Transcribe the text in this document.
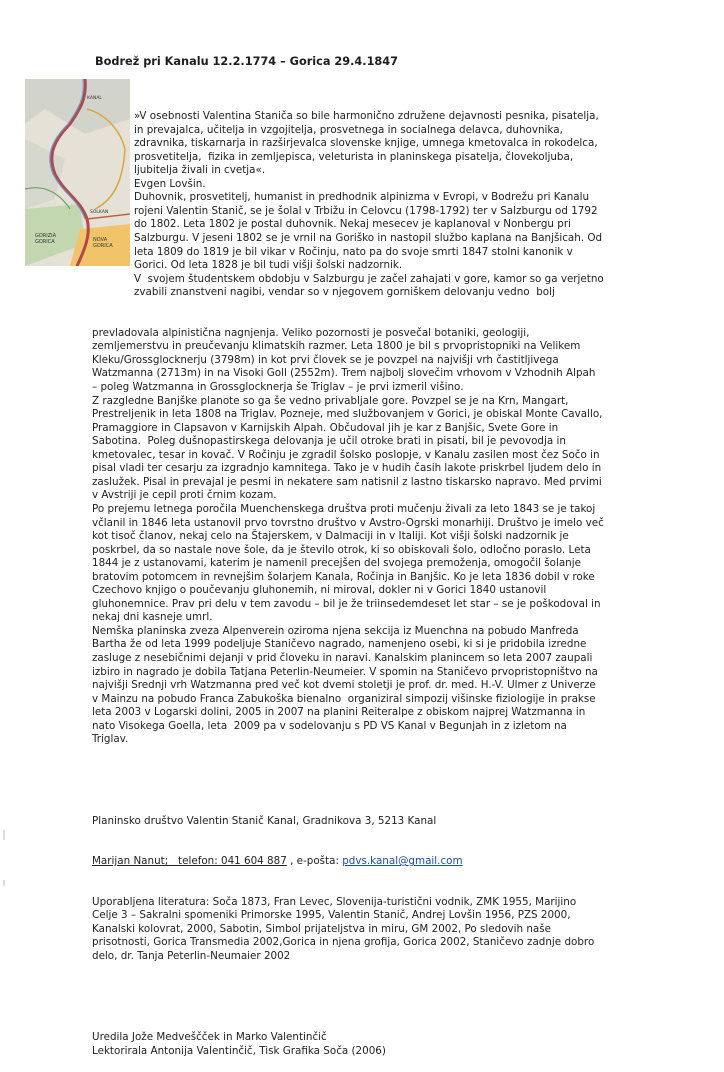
Bodrež pri Kanalu 12.2.1774 – Gorica 29.4.1847
GORIZIA
GORICA	NOVA
GORICA
SOLKAN
KANAL

»V osebnosti Valentina Staniča so bile harmonično združene dejavnosti pesnika, pisatelja,
in prevajalca, učitelja in vzgojitelja, prosvetnega in socialnega delavca, duhovnika,
zdravnika, tiskarnarja in razširjevalca slovenske knjige, umnega kmetovalca in rokodelca,
prosvetitelja,  fizika in zemljepisca, veleturista in planinskega pisatelja, človekoljuba,
ljubitelja živali in cvetja«.
Evgen Lovšin.
Duhovnik, prosvetitelj, humanist in predhodnik alpinizma v Evropi, v Bodrežu pri Kanalu
rojeni Valentin Stanič, se je šolal v Trbižu in Celovcu (1798-1792) ter v Salzburgu od 1792
do 1802. Leta 1802 je postal duhovnik. Nekaj mesecev je kaplanoval v Nonbergu pri
Salzburgu. V jeseni 1802 se je vrnil na Goriško in nastopil službo kaplana na Banjšicah. Od
leta 1809 do 1819 je bil vikar v Ročinju, nato pa do svoje smrti 1847 stolni kanonik v
Gorici. Od leta 1828 je bil tudi višji šolski nadzornik.
V  svojem študentskem obdobju v Salzburgu je začel zahajati v gore, kamor so ga verjetno
zvabili znanstveni nagibi, vendar so v njegovem gorniškem delovanju vedno  bolj

prevladovala alpinistična nagnjenja. Veliko pozornosti je posvečal botaniki, geologiji,
zemljemerstvu in preučevanju klimatskih razmer. Leta 1800 je bil s prvopristopniki na Velikem
Kleku/Grossglocknerju (3798m) in kot prvi človek se je povzpel na najvišji vrh častitljivega
Watzmanna (2713m) in na Visoki Goll (2552m). Trem najbolj slovečim vrhovom v Vzhodnih Alpah
– poleg Watzmanna in Grossglocknerja še Triglav – je prvi izmeril višino.
Z razgledne Banjške planote so ga še vedno privabljale gore. Povzpel se je na Krn, Mangart,
Prestreljenik in leta 1808 na Triglav. Pozneje, med službovanjem v Gorici, je obiskal Monte Cavallo,
Pramaggiore in Clapsavon v Karnijskih Alpah. Občudoval jih je kar z Banjšic, Svete Gore in
Sabotina.  Poleg dušnopastirskega delovanja je učil otroke brati in pisati, bil je pevovodja in
kmetovalec, tesar in kovač. V Ročinju je zgradil šolsko poslopje, v Kanalu zasilen most čez Sočo in
pisal vladi ter cesarju za izgradnjo kamnitega. Tako je v hudih časih lakote priskrbel ljudem delo in
zaslužek. Pisal in prevajal je pesmi in nekatere sam natisnil z lastno tiskarsko napravo. Med prvimi
v Avstriji je cepil proti črnim kozam.
Po prejemu letnega poročila Muenchenskega društva proti mučenju živali za leto 1843 se je takoj
včlanil in 1846 leta ustanovil prvo tovrstno društvo v Avstro-Ogrski monarhiji. Društvo je imelo več
kot tisoč članov, nekaj celo na Štajerskem, v Dalmaciji in v Italiji. Kot višji šolski nadzornik je
poskrbel, da so nastale nove šole, da je število otrok, ki so obiskovali šolo, odločno poraslo. Leta
1844 je z ustanovami, katerim je namenil precejšen del svojega premoženja, omogočil šolanje
bratovim potomcem in revnejšim šolarjem Kanala, Ročinja in Banjšic. Ko je leta 1836 dobil v roke
Czechovo knjigo o poučevanju gluhonemih, ni miroval, dokler ni v Gorici 1840 ustanovil
gluhonemnice. Prav pri delu v tem zavodu – bil je že triinsedemdeset let star – se je poškodoval in
nekaj dni kasneje umrl.
Nemška planinska zveza Alpenverein oziroma njena sekcija iz Muenchna na pobudo Manfreda
Bartha že od leta 1999 podeljuje Staničevo nagrado, namenjeno osebi, ki si je pridobila izredne
zasluge z nesebičnimi dejanji v prid človeku in naravi. Kanalskim planincem so leta 2007 zaupali
izbiro in nagrado je dobila Tatjana Peterlin-Neumeier. V spomin na Staničevo prvopristopništvo na
najvišji Srednji vrh Watzmanna pred več kot dvemi stoletji je prof. dr. med. H.-V. Ulmer z Univerze
v Mainzu na pobudo Franca Zabukoška bienalno  organiziral simpozij višinske fiziologije in prakse
leta 2003 v Logarski dolini, 2005 in 2007 na planini Reiteralpe z obiskom najprej Watzmanna in
nato Visokega Goella, leta  2009 pa v sodelovanju s PD VS Kanal v Begunjah in z izletom na
Triglav.

Planinsko društvo Valentin Stanič Kanal, Gradnikova 3, 5213 Kanal

Marijan Nanut;   telefon: 041 604 887 , e-pošta: pdvs.kanal@gmail.com

Uporabljena literatura: Soča 1873, Fran Levec, Slovenija-turistični vodnik, ZMK 1955, Marijino
Celje 3 – Sakralni spomeniki Primorske 1995, Valentin Stanič, Andrej Lovšin 1956, PZS 2000,
Kanalski kolovrat, 2000, Sabotin, Simbol prijateljstva in miru, GM 2002, Po sledovih naše
prisotnosti, Gorica Transmedia 2002,Gorica in njena grofija, Gorica 2002, Staničevo zadnje dobro
delo, dr. Tanja Peterlin-Neumaier 2002

Uredila Jože Medveščček in Marko Valentinčič
Lektorirala Antonija Valentinčič, Tisk Grafika Soča (2006)
